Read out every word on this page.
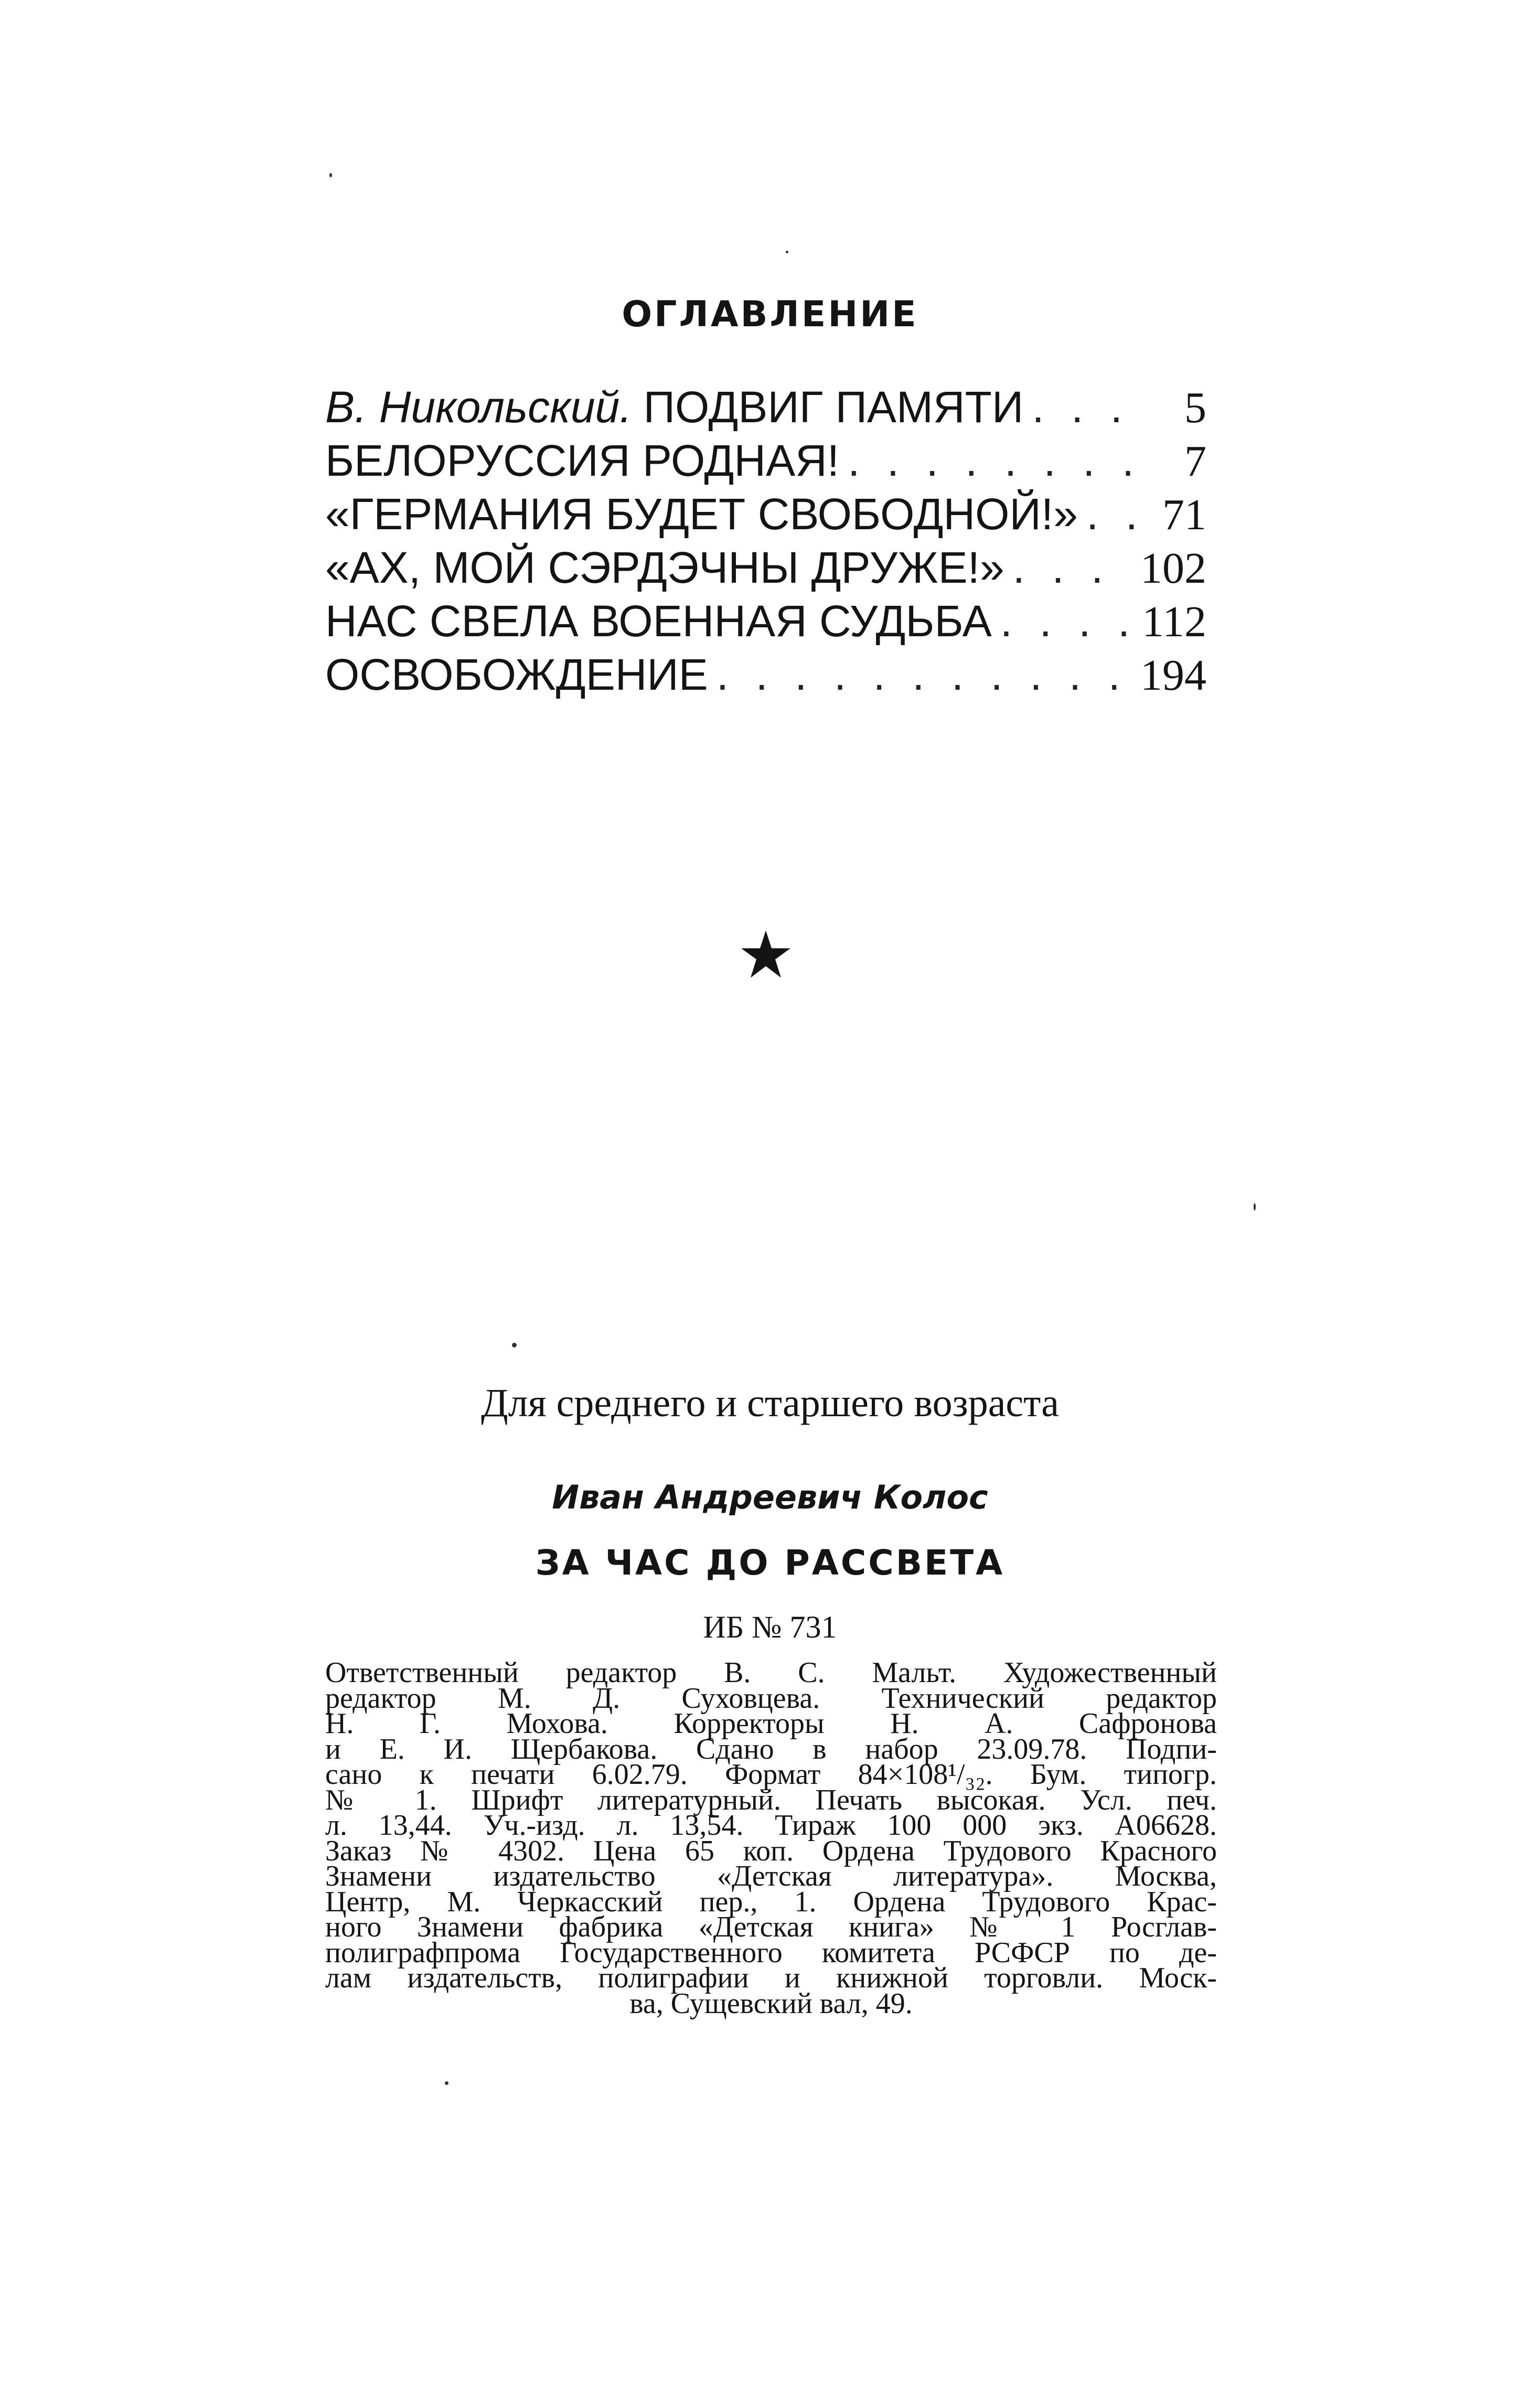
ОГЛАВЛЕНИЕ
В. Никольский. ПОДВИГ ПАМЯТИ . . .	5
БЕЛОРУССИЯ РОДНАЯ! . . .	7
«ГЕРМАНИЯ БУДЕТ СВОБОДНОЙ!» . . . 71
«АХ, МОЙ СЭРДЭЧНЫ ДРУЖЕ!» . . .	102
НАС СВЕЛА ВОЕННАЯ СУДЬБА . . .	112
ОСВОБОЖДЕНИЕ . . .	194
Для среднего и старшего возраста
Иван Андреевич Колос
ЗА ЧАС ДО РАССВЕТА
ИБ № 731
Ответственный редактор В. С. Мальт. Художественный
редактор М. Д. Суховцева. Технический редактор
Н. Г. Мохова. Корректоры Н. А. Сафронова
и Е. И. Щербакова. Сдано в набор 23.09.78. Подпи-
сано к печати 6.02.79. Формат 84×108¹/₃₂. Бум. типогр.
№ 1. Шрифт литературный. Печать высокая. Усл. печ.
л. 13,44. Уч.-изд. л. 13,54. Тираж 100 000 экз. А06628.
Заказ № 4302. Цена 65 коп. Ордена Трудового Красного
Знамени издательство «Детская литература». Москва,
Центр, М. Черкасский пер., 1. Ордена Трудового Крас-
ного Знамени фабрика «Детская книга» № 1 Росглав-
полиграфпрома Государственного комитета РСФСР по де-
лам издательств, полиграфии и книжной торговли. Моск-
ва, Сущевский вал, 49.
